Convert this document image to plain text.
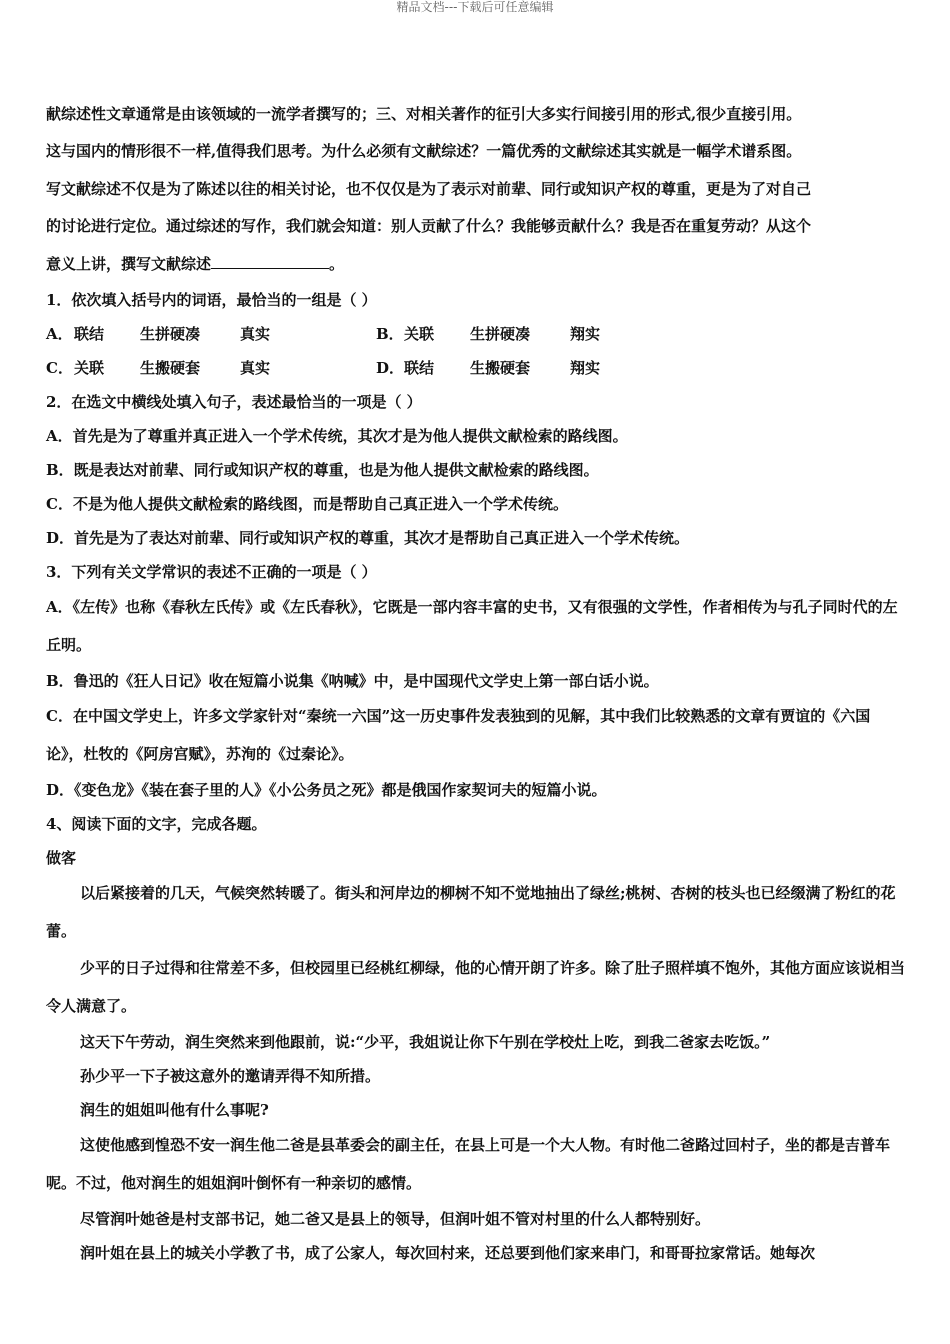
精品文档---下载后可任意编辑

献综述性文章通常是由该领域的一流学者撰写的；三、对相关著作的征引大多实行间接引用的形式,很少直接引用。

这与国内的情形很不一样,值得我们思考。为什么必须有文献综述？一篇优秀的文献综述其实就是一幅学术谱系图。

写文献综述不仅是为了陈述以往的相关讨论，也不仅仅是为了表示对前辈、同行或知识产权的尊重，更是为了对自己

的讨论进行定位。通过综述的写作，我们就会知道：别人贡献了什么？我能够贡献什么？我是否在重复劳动？从这个

意义上讲，撰写文献综述	。

1．依次填入括号内的词语，最恰当的一组是（ ）

A．联结 生拼硬凑	真实	B．关联 生拼硬凑	翔实
C．关联 生搬硬套	真实	D．联结 生搬硬套	翔实

2．在选文中横线处填入句子，表述最恰当的一项是（ ）

A．首先是为了尊重并真正进入一个学术传统，其次才是为他人提供文献检索的路线图。

B．既是表达对前辈、同行或知识产权的尊重，也是为他人提供文献检索的路线图。

C．不是为他人提供文献检索的路线图，而是帮助自己真正进入一个学术传统。

D．首先是为了表达对前辈、同行或知识产权的尊重，其次才是帮助自己真正进入一个学术传统。

3．下列有关文学常识的表述不正确的一项是（ ）

A．《左传》也称《春秋左氏传》或《左氏春秋》，它既是一部内容丰富的史书，又有很强的文学性，作者相传为与孔子同时代的左丘明。

B．鲁迅的《狂人日记》收在短篇小说集《呐喊》中，是中国现代文学史上第一部白话小说。

C．在中国文学史上，许多文学家针对“秦统一六国”这一历史事件发表独到的见解，其中我们比较熟悉的文章有贾谊的《六国论》，杜牧的《阿房宫赋》，苏洵的《过秦论》。

D．《变色龙》《装在套子里的人》《小公务员之死》都是俄国作家契诃夫的短篇小说。

4、阅读下面的文字，完成各题。

做客

以后紧接着的几天，气候突然转暖了。街头和河岸边的柳树不知不觉地抽出了绿丝;桃树、杏树的枝头也已经缀满了粉红的花蕾。

少平的日子过得和往常差不多，但校园里已经桃红柳绿，他的心情开朗了许多。除了肚子照样填不饱外，其他方面应该说相当令人满意了。

这天下午劳动，润生突然来到他跟前，说:“少平，我姐说让你下午别在学校灶上吃，到我二爸家去吃饭。”

孙少平一下子被这意外的邀请弄得不知所措。

润生的姐姐叫他有什么事呢?

这使他感到惶恐不安一润生他二爸是县革委会的副主任，在县上可是一个大人物。有时他二爸路过回村子，坐的都是吉普车呢。不过，他对润生的姐姐润叶倒怀有一种亲切的感情。

尽管润叶她爸是村支部书记，她二爸又是县上的领导，但润叶姐不管对村里的什么人都特别好。

润叶姐在县上的城关小学教了书，成了公家人，每次回村来，还总要到他们家来串门，和哥哥拉家常话。她每次
